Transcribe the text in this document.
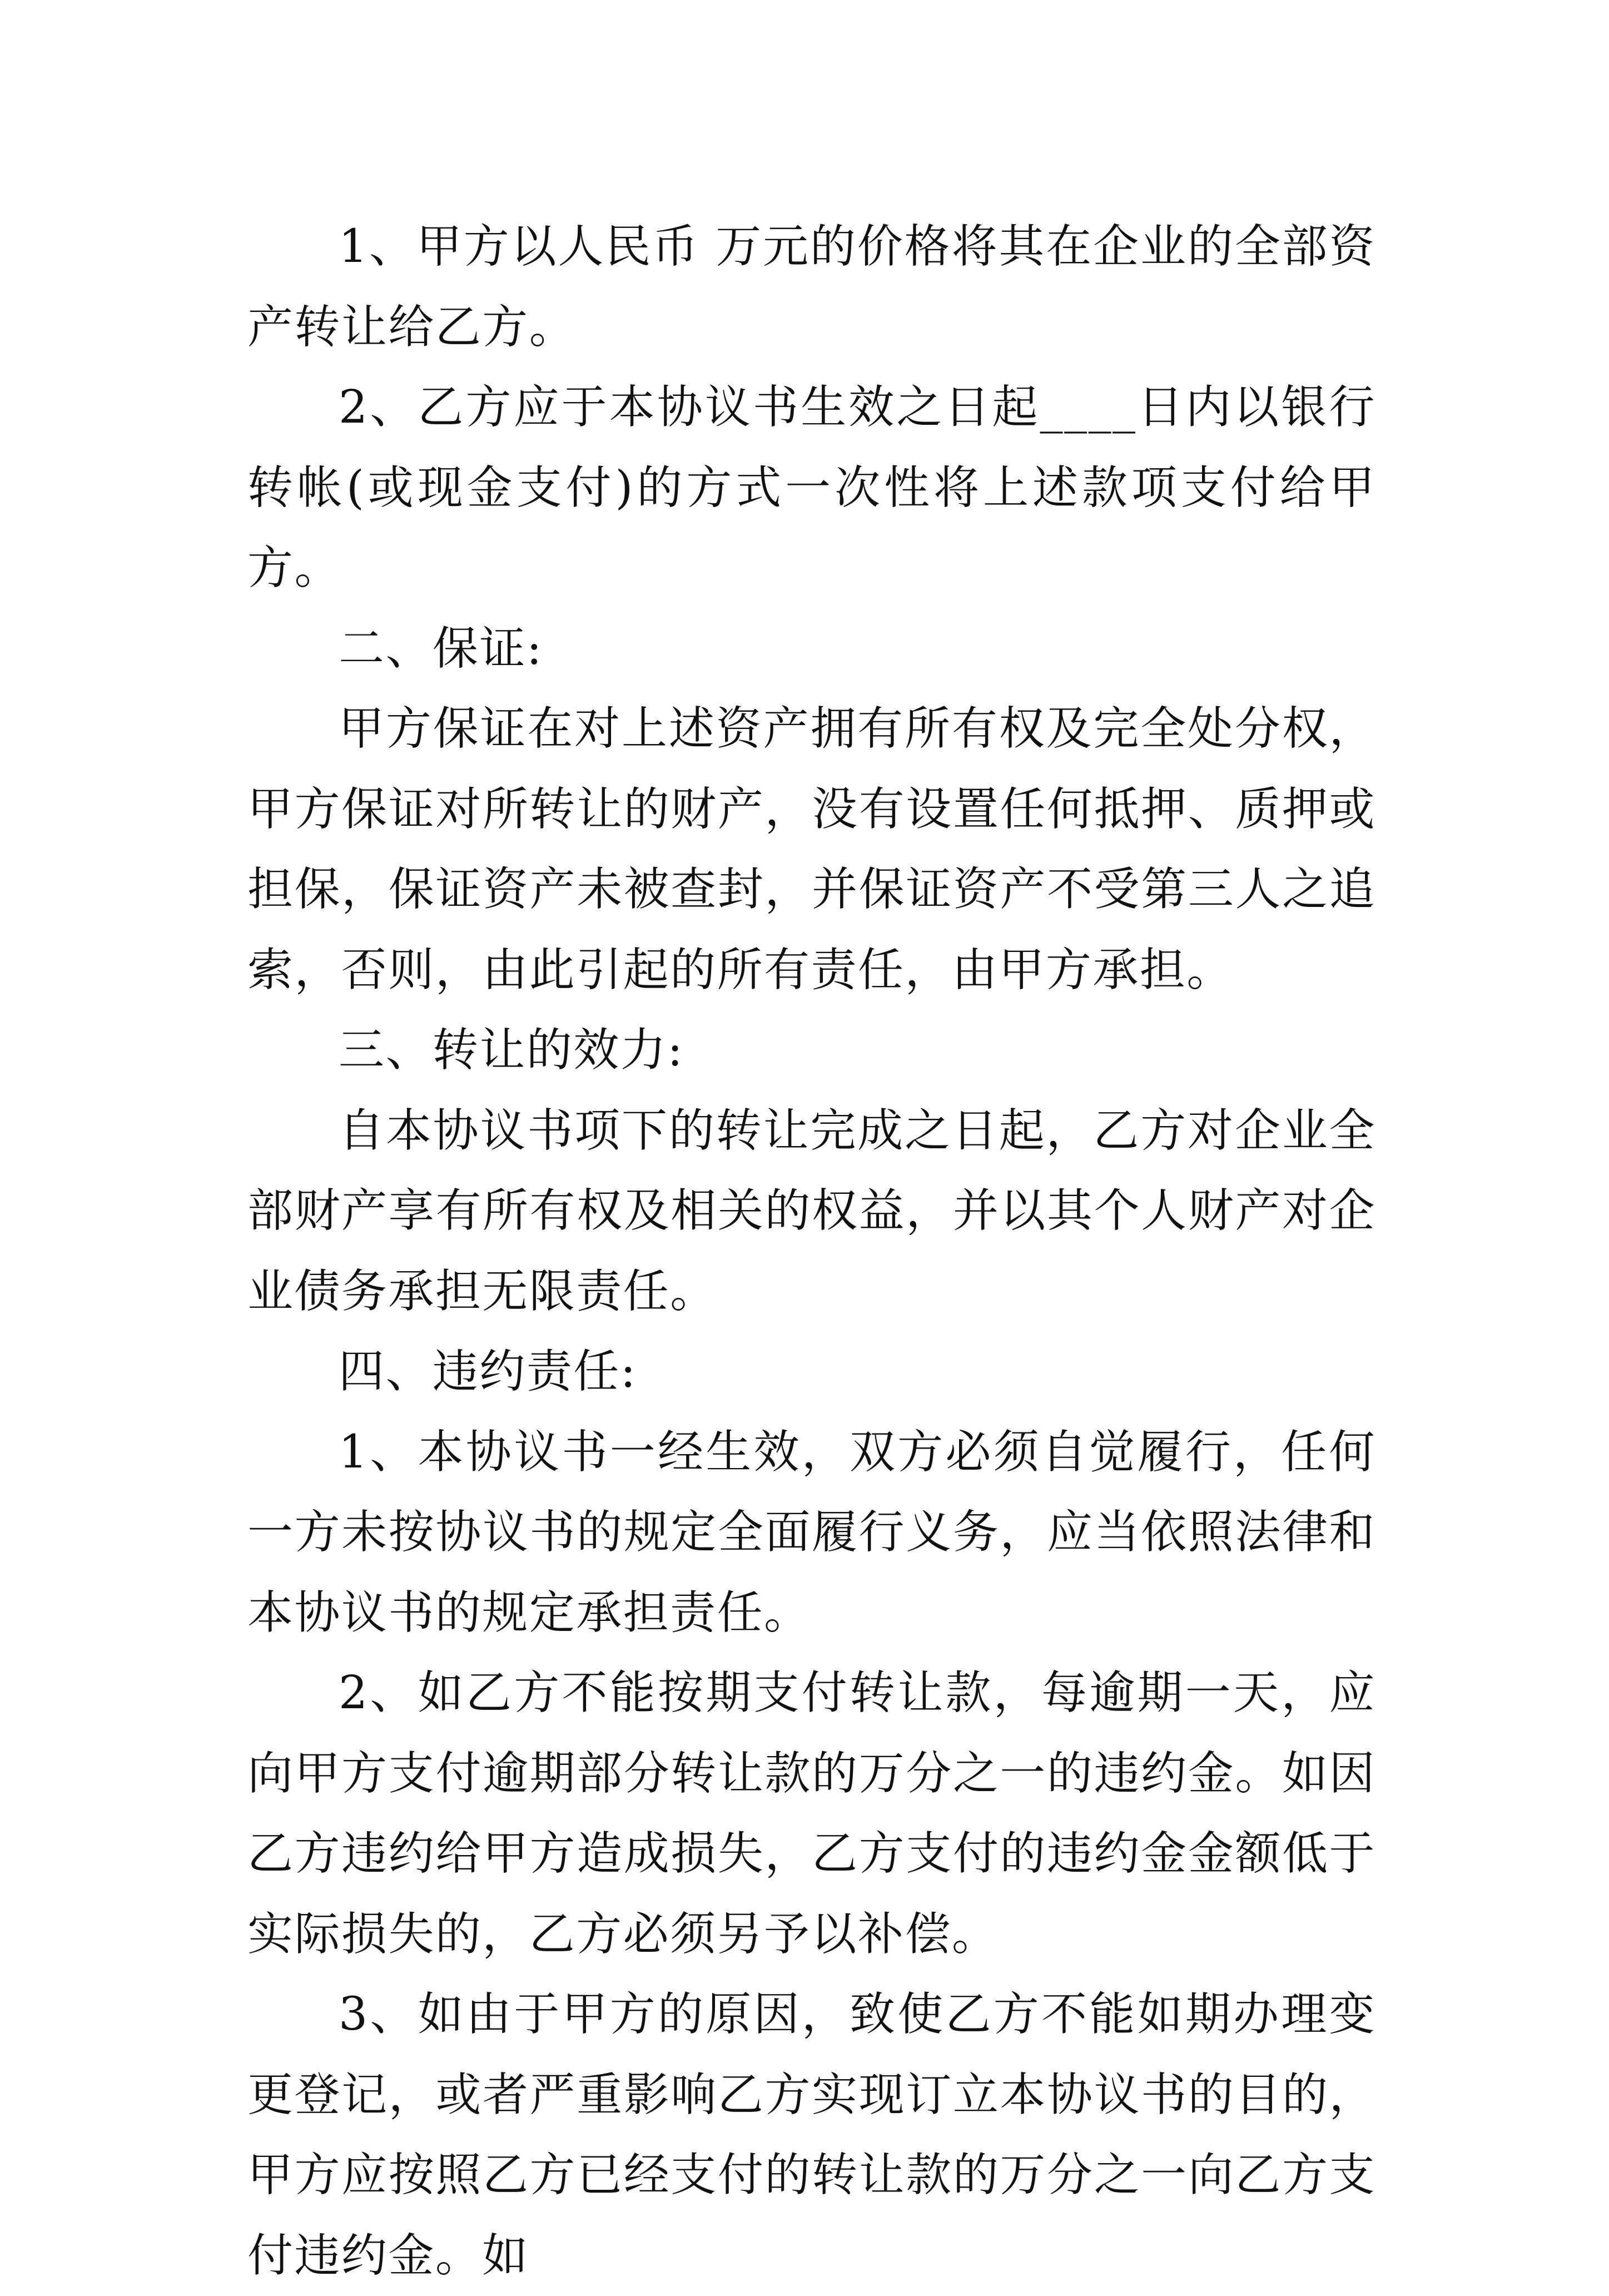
1、甲方以人民币 万元的价格将其在企业的全部资产转让给乙方。

2、乙方应于本协议书生效之日起____日内以银行转帐(或现金支付)的方式一次性将上述款项支付给甲方。

二、保证:

甲方保证在对上述资产拥有所有权及完全处分权，甲方保证对所转让的财产，没有设置任何抵押、质押或担保，保证资产未被查封，并保证资产不受第三人之追索，否则，由此引起的所有责任，由甲方承担。

三、转让的效力:

自本协议书项下的转让完成之日起，乙方对企业全部财产享有所有权及相关的权益，并以其个人财产对企业债务承担无限责任。

四、违约责任:

1、本协议书一经生效，双方必须自觉履行，任何一方未按协议书的规定全面履行义务，应当依照法律和本协议书的规定承担责任。

2、如乙方不能按期支付转让款，每逾期一天，应向甲方支付逾期部分转让款的万分之一的违约金。如因乙方违约给甲方造成损失，乙方支付的违约金金额低于实际损失的，乙方必须另予以补偿。

3、如由于甲方的原因，致使乙方不能如期办理变更登记，或者严重影响乙方实现订立本协议书的目的，甲方应按照乙方已经支付的转让款的万分之一向乙方支付违约金。如
